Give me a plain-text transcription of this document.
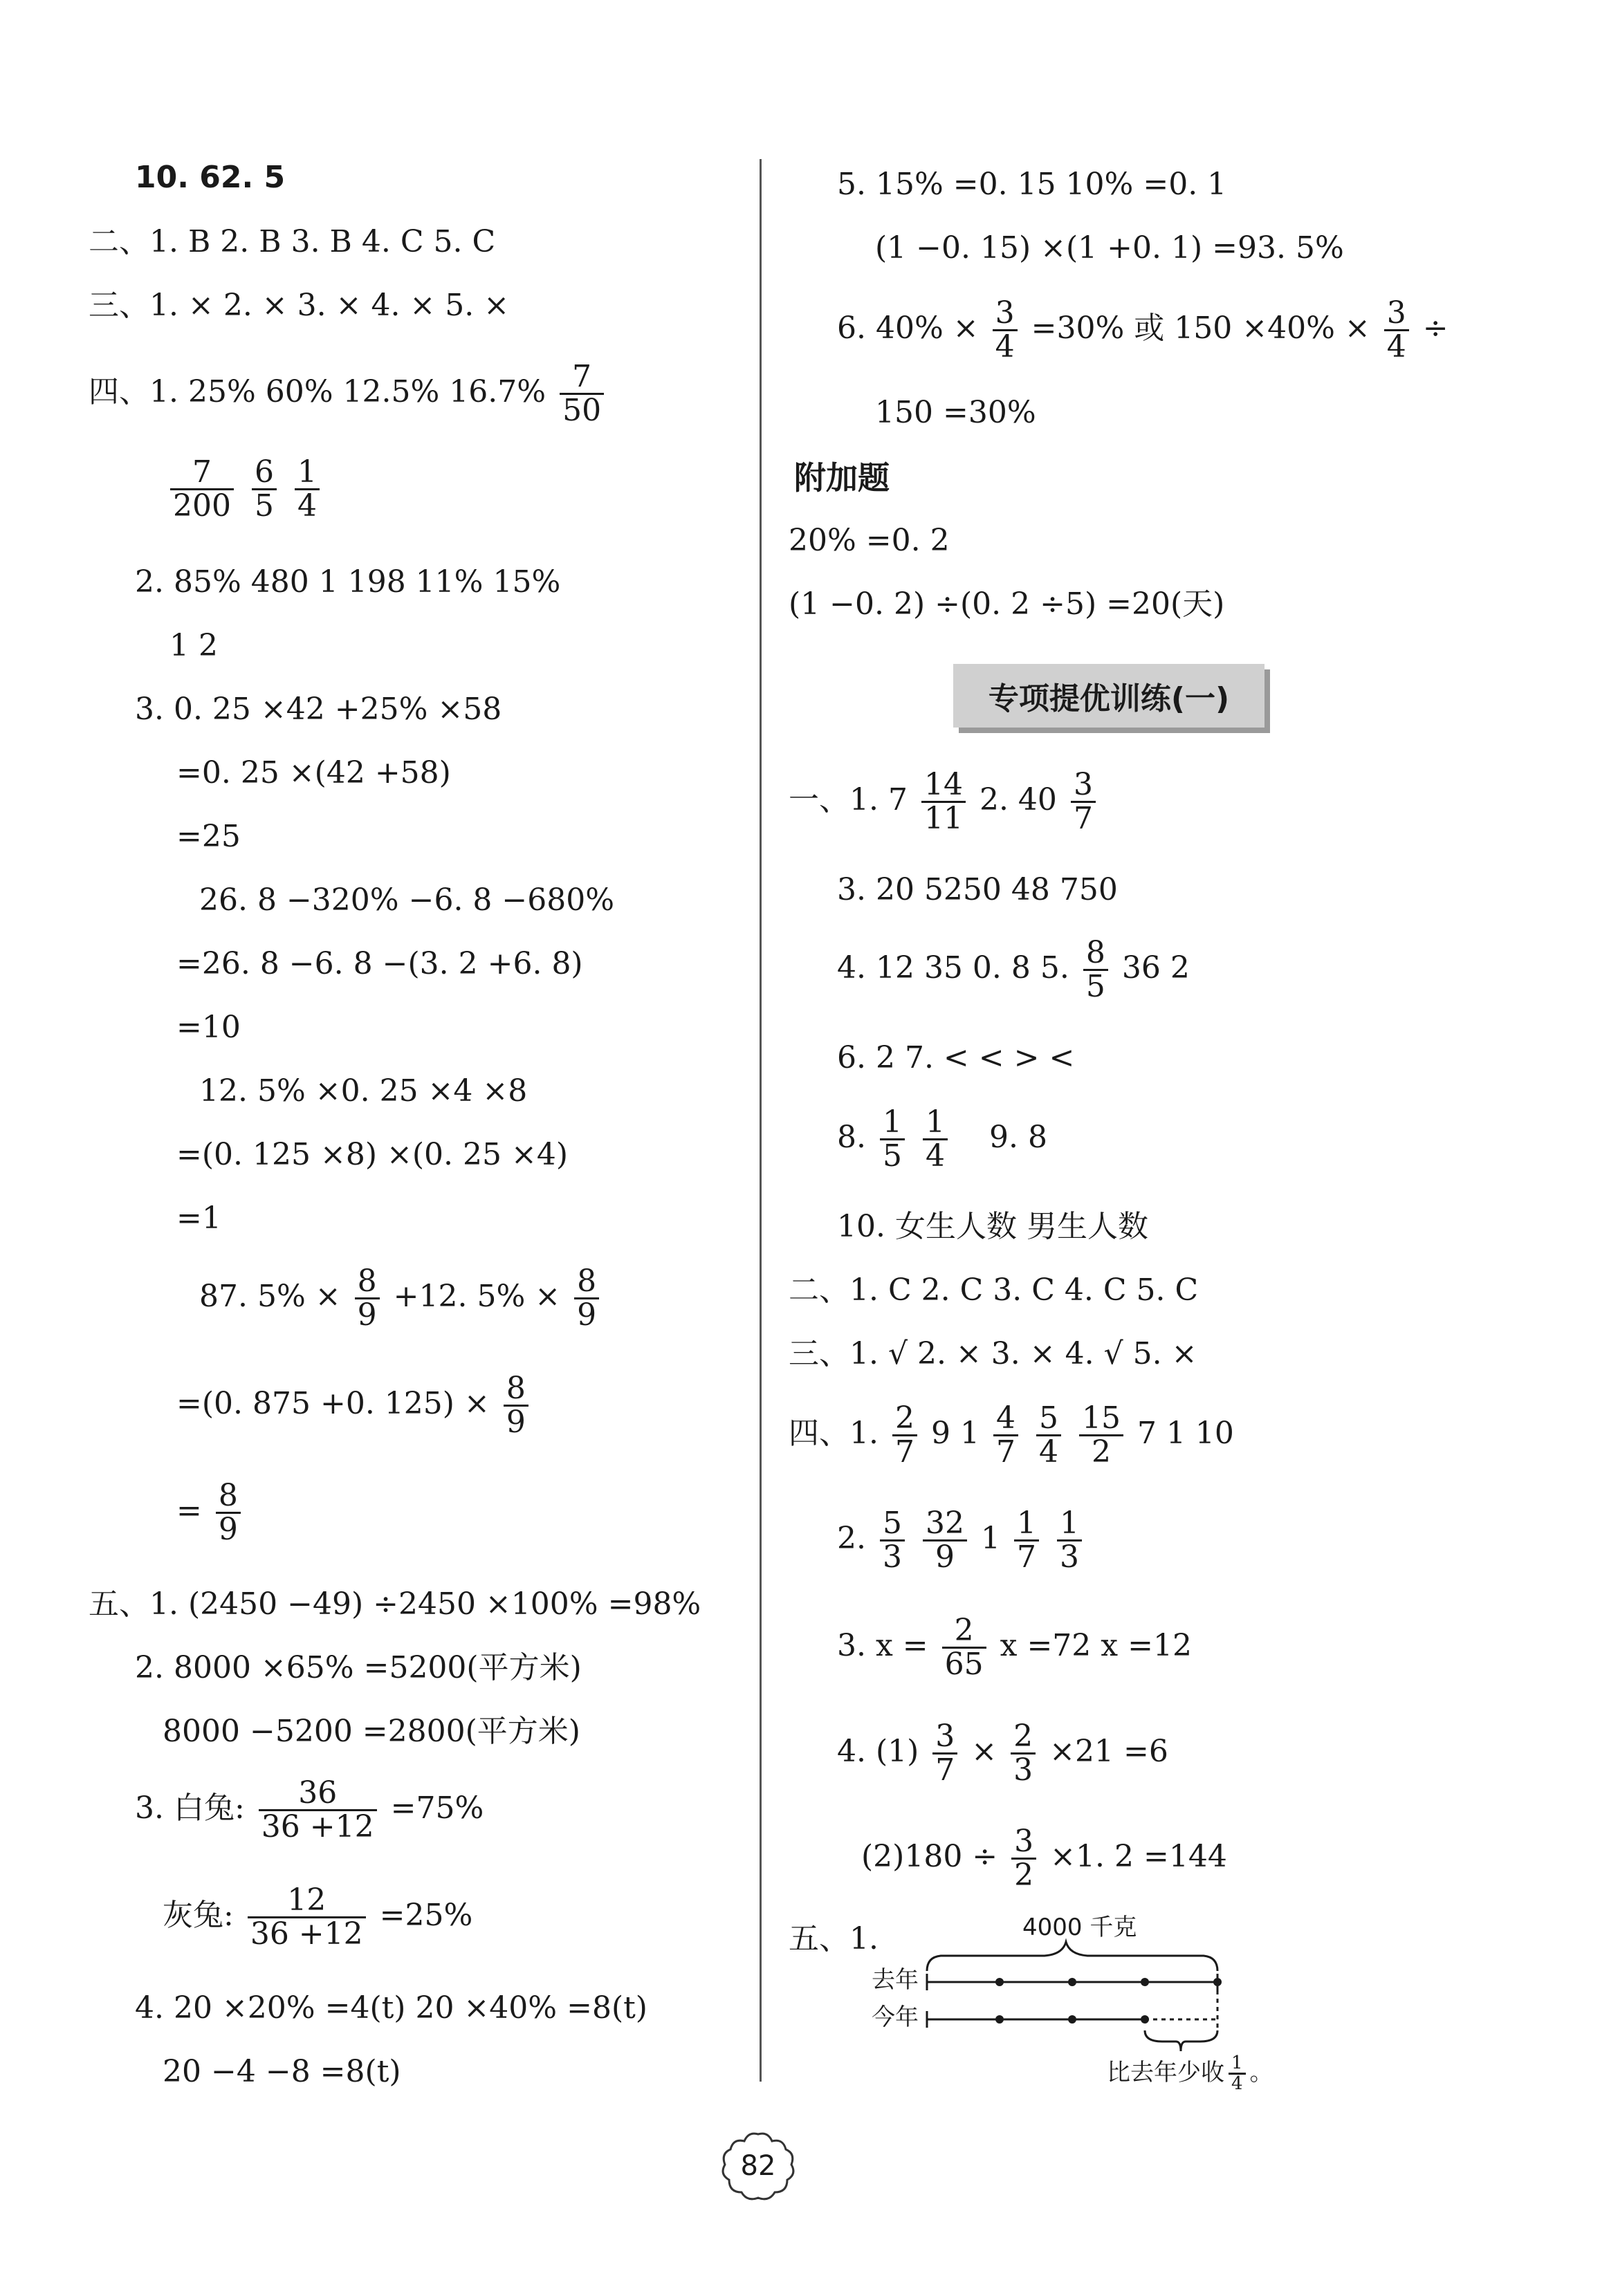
10. 62. 5
二、1. B 2. B 3. B 4. C 5. C
三、1. × 2. × 3. × 4. × 5. ×
四、1. 25% 60% 12.5% $16.7\% \frac{7}{50}$
$\frac{7}{200}$
$\frac{6}{5}$
$\frac{1}{4}$
2. 85% 480 1 198 11% 15%
1 2
3. 0. 25 ×42 +25% ×58
=0. 25 ×(42 +58)
=25
26. 8 −320% −6. 8 −680%
=26. 8 −6. 8 −(3. 2 +6. 8)
=10
12. 5% ×0. 25 ×4 ×8
=(0. 125 ×8) ×(0. 25 ×4)
=1
87. $5\% \times \frac{8}{9} +12$. $5\% \times \frac{8}{9}$
=(0. 875 +0. $125) \times \frac{8}{9}$
= $\frac{8}{9}$
五、1. (2450 −49) ÷2450 ×100% =98%
2. 8000 ×65% =5200(平方米)
8000 −5200 =2800(平方米)
3. 白兔: $\frac{36}{36 +12} =75\%$
灰兔: $\frac{12}{36 +12} =25\%$
4. 20 ×20% =4(t) 20 ×40% =8(t)
20 −4 −8 =8(t)
5. 15% =0. 15 10% =0. 1
(1 −0. 15) ×(1 +0. 1) =93. 5%
6. $40\% \times \frac{3}{4} =30\%$ 或 $150 \times 40\% \times \frac{3}{4}$ ÷
150 =30%
附加题
20% =0. 2
(1 −0. 2) ÷(0. 2 ÷5) =20(天)
专项提优训练(一)
一、1. $7 \frac{14}{11} 2$. $40 \frac{3}{7}$
3. 20 5250 48 750
4. 12 35 0. 8 5. $\frac{8}{5} 36$ 2
6. 2 7. < < > <
8. $\frac{1}{5}$
$\frac{1}{4} 9$. 8
10. 女生人数 男生人数
二、1. C 2. C 3. C 4. C 5. C
三、1. √ 2. × 3. × 4. √ 5. ×
四、1. $\frac{2}{7} 9$ $1 \frac{4}{7}$
$\frac{5}{4}$
$\frac{15}{2} 7$ 1 10
2. $\frac{5}{3}$
$\frac{32}{9} 1 \frac{1}{7}$
$\frac{1}{3}$
3. $x = \frac{2}{65}$ x =72 x =12
4. $(1) \frac{3}{7} \times \frac{2}{3} \times 21 =6$
$(2)180 \div \frac{3}{2} \times 1$. 2 =144
五、1.	4000 千克
去年
今年
比去年少收 $\frac{1}{4}$ 。
82
